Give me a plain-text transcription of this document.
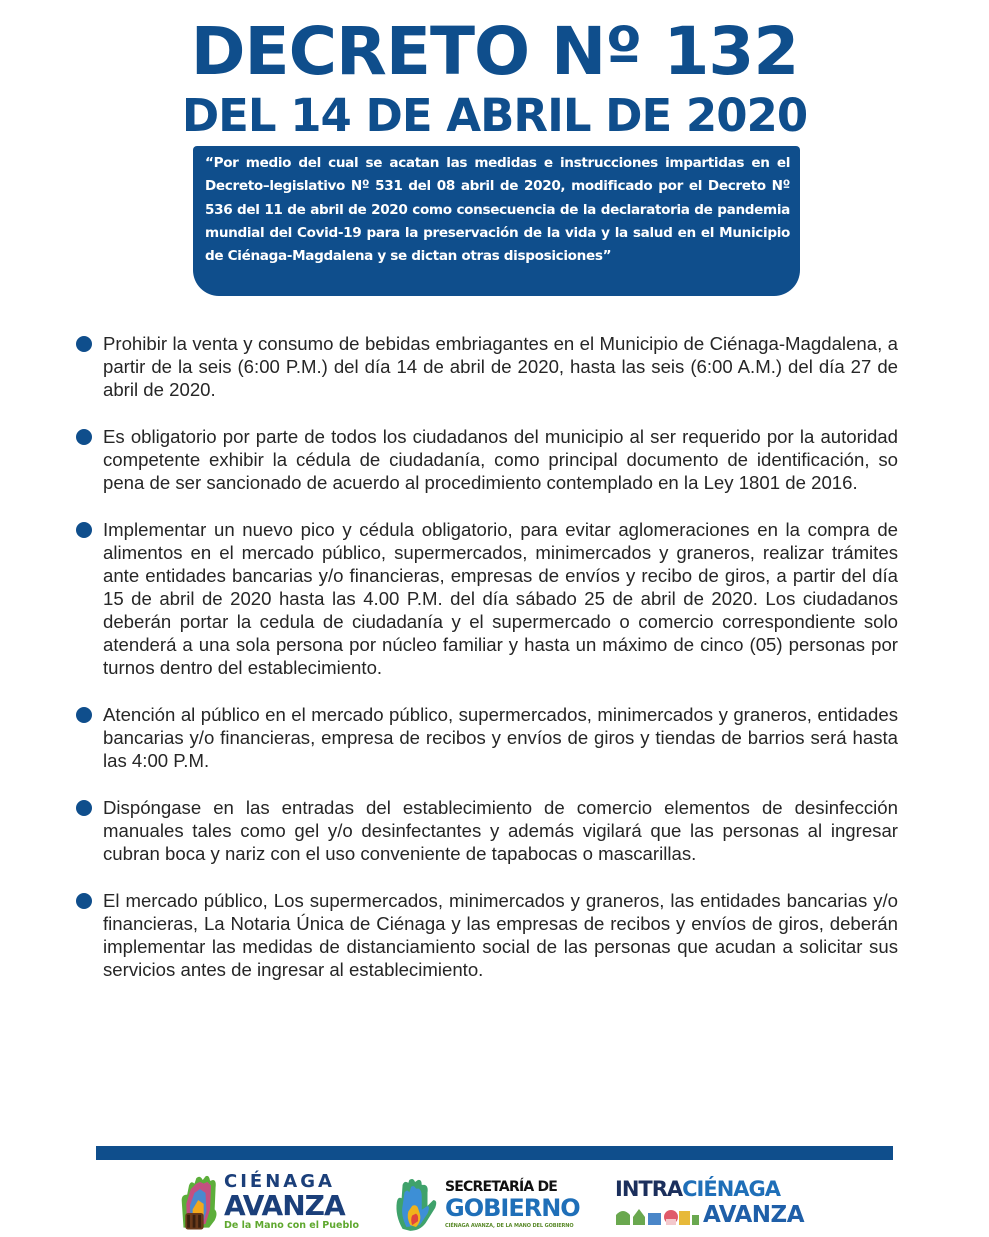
DECRETO Nº 132
DEL 14 DE ABRIL DE 2020
“Por medio del cual se acatan las medidas e instrucciones impartidas en el Decreto–legislativo Nº 531 del 08 abril de 2020, modificado por el Decreto Nº 536 del 11 de abril de 2020 como consecuencia de la declaratoria de pandemia mundial del Covid-19 para la preservación de la vida y la salud en el Municipio de Ciénaga-Magdalena y se dictan otras disposiciones”
Prohibir la venta y consumo de bebidas embriagantes en el Municipio de Ciénaga-Magdalena, a partir de la seis (6:00 P.M.) del día 14 de abril de 2020, hasta las seis (6:00 A.M.) del día 27 de abril de 2020.
Es obligatorio por parte de todos los ciudadanos del municipio al ser requerido por la autoridad competente exhibir la cédula de ciudadanía, como principal documento de identificación, so pena de ser sancionado de acuerdo al procedimiento contemplado en la Ley 1801 de 2016.
Implementar un nuevo pico y cédula obligatorio, para evitar aglomeraciones en la compra de alimentos en el mercado público, supermercados, minimercados y graneros, realizar trámites ante entidades bancarias y/o financieras, empresas de envíos y recibo de giros, a partir del día 15 de abril de 2020 hasta las 4.00 P.M. del día sábado 25 de abril de 2020. Los ciudadanos deberán portar la cedula de ciudadanía y el supermercado o comercio correspondiente solo atenderá a una sola persona por núcleo familiar y hasta un máximo de cinco (05) personas por turnos dentro del establecimiento.
Atención al público en el mercado público, supermercados, minimercados y graneros, entidades bancarias y/o financieras, empresa de recibos y envíos de giros y tiendas de barrios será hasta las 4:00 P.M.
Dispóngase en las entradas del establecimiento de comercio elementos de desinfección manuales tales como gel y/o desinfectantes y además vigilará que las personas al ingresar cubran boca y nariz con el uso conveniente de tapabocas o mascarillas.
El mercado público, Los supermercados, minimercados y graneros, las entidades bancarias y/o financieras, La Notaria Única de Ciénaga y las empresas de recibos y envíos de giros, deberán implementar las medidas de distanciamiento social de las personas que acudan a solicitar sus servicios antes de ingresar al establecimiento.
CIÉNAGA
AVANZA
De la Mano con el Pueblo
SECRETARÍA DE
GOBIERNO
CIÉNAGA AVANZA, DE LA MANO DEL GOBIERNO
INTRACIÉNAGA
AVANZA
